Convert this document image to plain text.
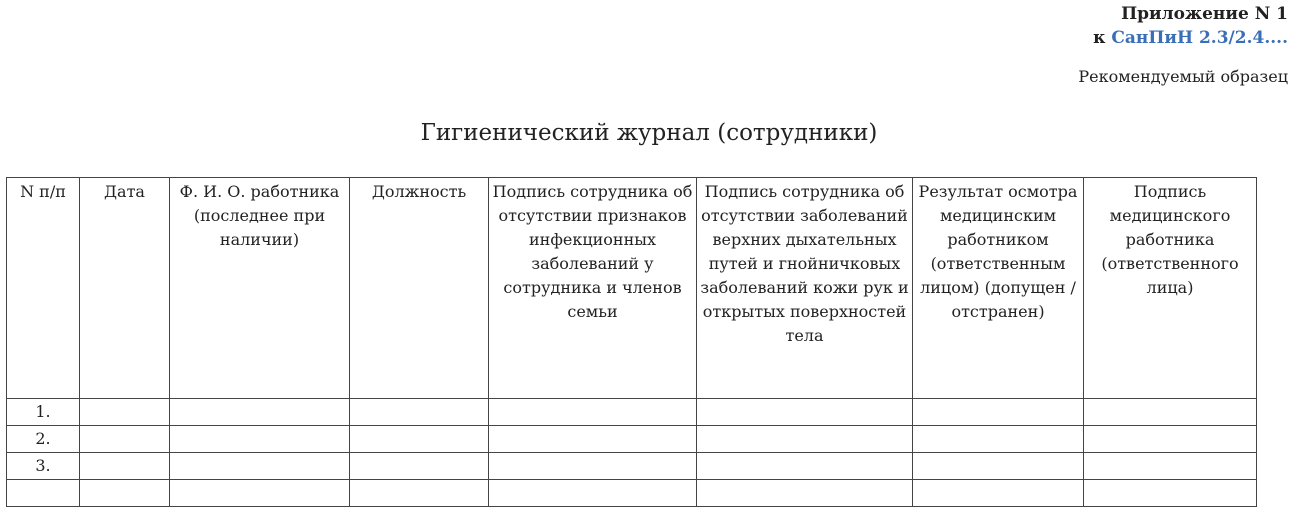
Приложение N 1
к СанПиН 2.3/2.4....
Рекомендуемый образец
Гигиенический журнал (сотрудники)
N п/п	Дата	Ф. И. О. работника (последнее при наличии)	Должность	Подпись сотрудника об отсутствии признаков инфекционных заболеваний у сотрудника и членов семьи	Подпись сотрудника об отсутствии заболеваний верхних дыхательных путей и гнойничковых заболеваний кожи рук и открытых поверхностей тела	Результат осмотра медицинским работником (ответственным лицом) (допущен / отстранен)	Подпись медицинского работника (ответственного лица)
1.							
2.							
3.							
